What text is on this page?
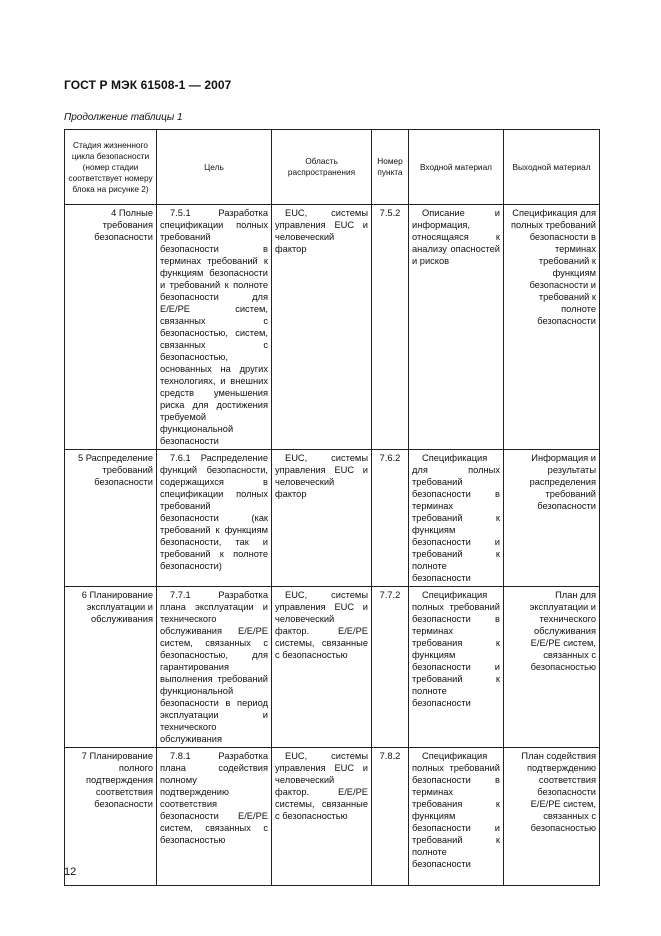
ГОСТ Р МЭК 61508-1 — 2007
Продолжение таблицы 1
Стадия жизненного цикла безопасности (номер стадии соответствует номеру блока на рисунке 2)	Цель	Область распространения	Номер пункта	Входной материал	Выходной материал
4 Полные требования безопасности	7.5.1 Разработка спецификации полных требований безопасности в терминах требований к функциям безопасности и требований к полноте безопасности для E/E/PE систем, связанных с безопасностью, систем, связанных с безопасностью, основанных на других технологиях, и внешних средств уменьшения риска для достижения требуемой функциональной безопасности	EUC, системы управления EUC и человеческий фактор	7.5.2	Описание и информация, относящаяся к анализу опасностей и рисков	Спецификация для полных требований безопасности в терминах требований к функциям безопасности и требований к полноте безопасности
5 Распределение требований безопасности	7.6.1 Распределение функций безопасности, содержащихся в спецификации полных требований безопасности (как требований к функциям безопасности, так и требований к полноте безопасности)	EUC, системы управления EUC и человеческий фактор	7.6.2	Спецификация для полных требований безопасности в терминах требований к функциям безопасности и требований к полноте безопасности	Информация и результаты распределения требований безопасности
6 Планирование эксплуатации и обслуживания	7.7.1 Разработка плана эксплуатации и технического обслуживания E/E/PE систем, связанных с безопасностью, для гарантирования выполнения требований функциональной безопасности в период эксплуатации и технического обслуживания	EUC, системы управления EUC и человеческий фактор. E/E/PE системы, связанные с безопасностью	7.7.2	Спецификация полных требований безопасности в терминах требования к функциям безопасности и требований к полноте безопасности	План для эксплуатации и технического обслуживания E/E/PE систем, связанных с безопасностью
7 Планирование полного подтверждения соответствия безопасности	7.8.1 Разработка плана содействия полному подтверждению соответствия безопасности E/E/PE систем, связанных с безопасностью	EUC, системы управления EUC и человеческий фактор. E/E/PE системы, связанные с безопасностью	7.8.2	Спецификация полных требований безопасности в терминах требования к функциям безопасности и требований к полноте безопасности	План содействия подтверждению соответствия безопасности E/E/PE систем, связанных с безопасностью
12
